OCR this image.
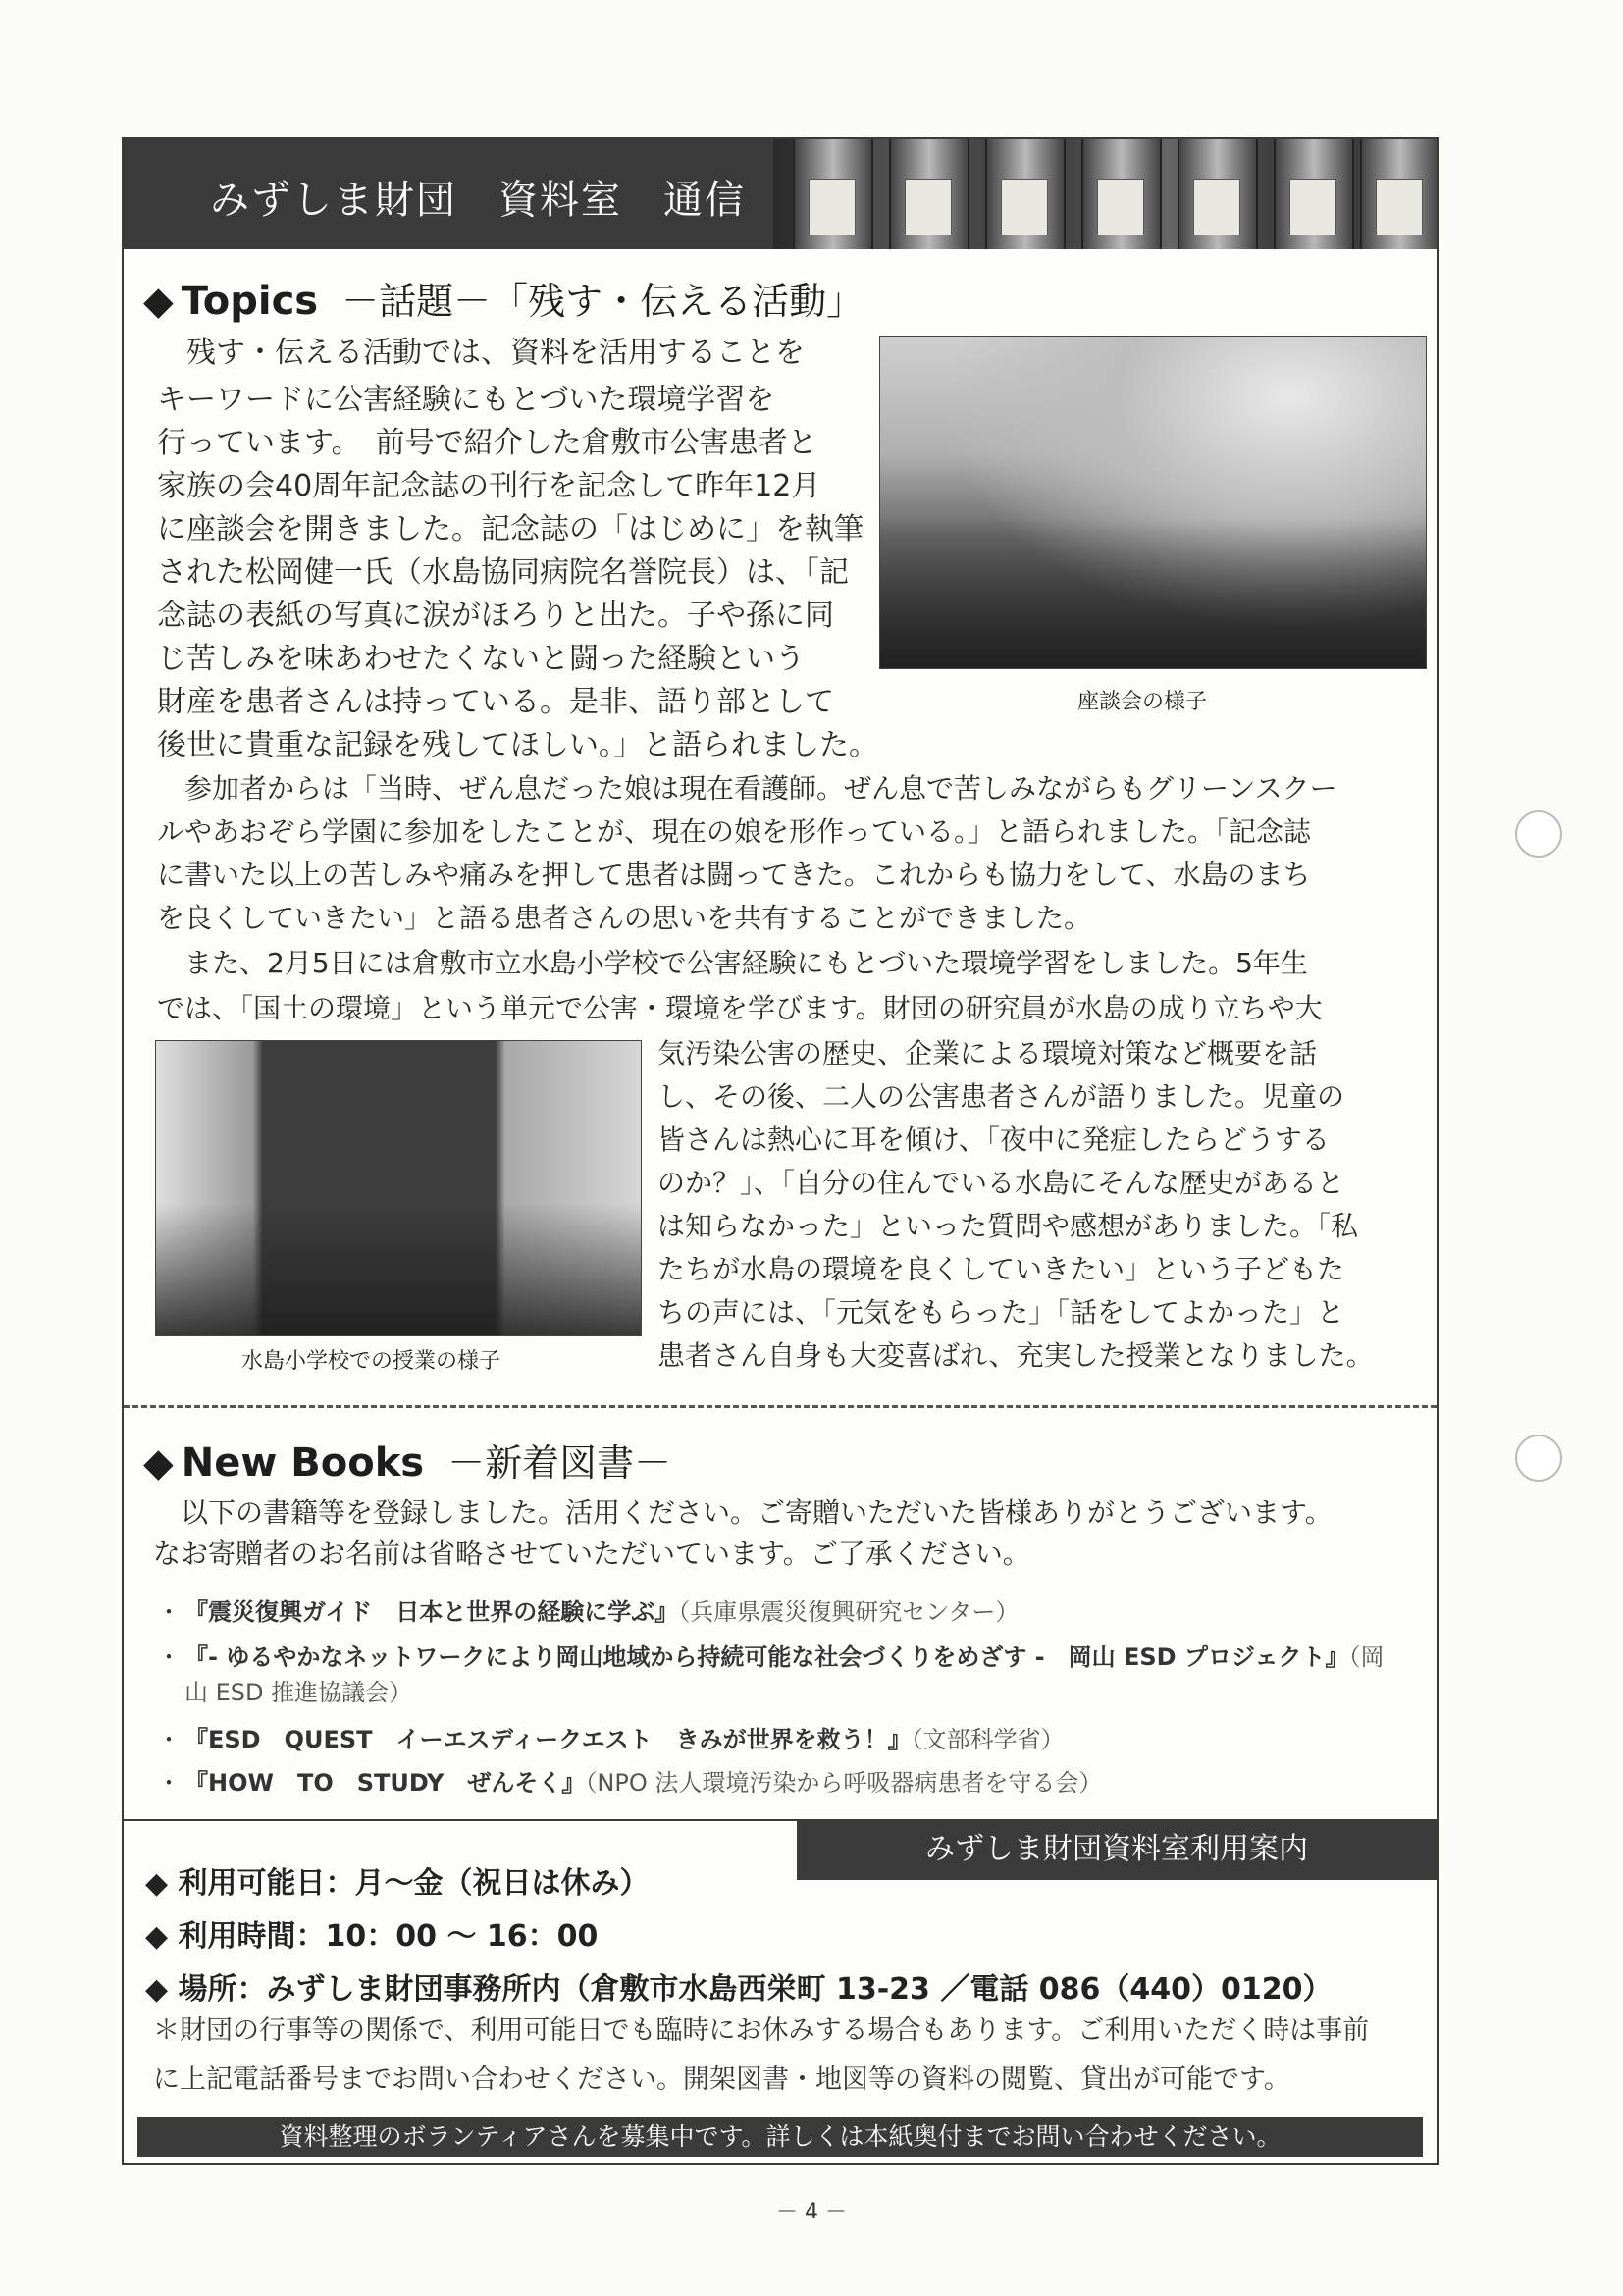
みずしま財団　資料室　通信
◆ Topics －話題－「残す・伝える活動」
座談会の様子
水島小学校での授業の様子
◆ New Books －新着図書－
　以下の書籍等を登録しました。活用ください。ご寄贈いただいた皆様ありがとうございます。
なお寄贈者のお名前は省略させていただいています。ご了承ください。
・ 『震災復興ガイド　日本と世界の経験に学ぶ』（兵庫県震災復興研究センター）
・ 『- ゆるやかなネットワークにより岡山地域から持続可能な社会づくりをめざす -　岡山 ESD プロジェクト』（岡
山 ESD 推進協議会）
・ 『ESD　QUEST　イーエスディークエスト　きみが世界を救う！』（文部科学省）
・ 『HOW　TO　STUDY　ぜんそく』（NPO 法人環境汚染から呼吸器病患者を守る会）
みずしま財団資料室利用案内
◆ 利用可能日：月～金（祝日は休み）
◆ 利用時間：10：00 ～ 16：00
◆ 場所：みずしま財団事務所内（倉敷市水島西栄町 13-23 ／電話 086（440）0120）
＊財団の行事等の関係で、利用可能日でも臨時にお休みする場合もあります。ご利用いただく時は事前
に上記電話番号までお問い合わせください。開架図書・地図等の資料の閲覧、貸出が可能です。
資料整理のボランティアさんを募集中です。詳しくは本紙奥付までお問い合わせください。
　残す・伝える活動では、資料を活用することを
キーワードに公害経験にもとづいた環境学習を
行っています。　前号で紹介した倉敷市公害患者と
家族の会40周年記念誌の刊行を記念して昨年12月
に座談会を開きました。記念誌の「はじめに」を執筆
された松岡健一氏（水島協同病院名誉院長）は、「記
念誌の表紙の写真に涙がほろりと出た。子や孫に同
じ苦しみを味あわせたくないと闘った経験という
財産を患者さんは持っている。是非、語り部として
後世に貴重な記録を残してほしい。」と語られました。
　参加者からは「当時、ぜん息だった娘は現在看護師。ぜん息で苦しみながらもグリーンスクー
ルやあおぞら学園に参加をしたことが、現在の娘を形作っている。」と語られました。「記念誌
に書いた以上の苦しみや痛みを押して患者は闘ってきた。これからも協力をして、水島のまち
を良くしていきたい」と語る患者さんの思いを共有することができました。
　また、2月5日には倉敷市立水島小学校で公害経験にもとづいた環境学習をしました。5年生
では、「国土の環境」という単元で公害・環境を学びます。財団の研究員が水島の成り立ちや大
気汚染公害の歴史、企業による環境対策など概要を話
し、その後、二人の公害患者さんが語りました。児童の
皆さんは熱心に耳を傾け、「夜中に発症したらどうする
のか？」、「自分の住んでいる水島にそんな歴史があると
は知らなかった」といった質問や感想がありました。「私
たちが水島の環境を良くしていきたい」という子どもた
ちの声には、「元気をもらった」「話をしてよかった」と
患者さん自身も大変喜ばれ、充実した授業となりました。
－ 4 －
